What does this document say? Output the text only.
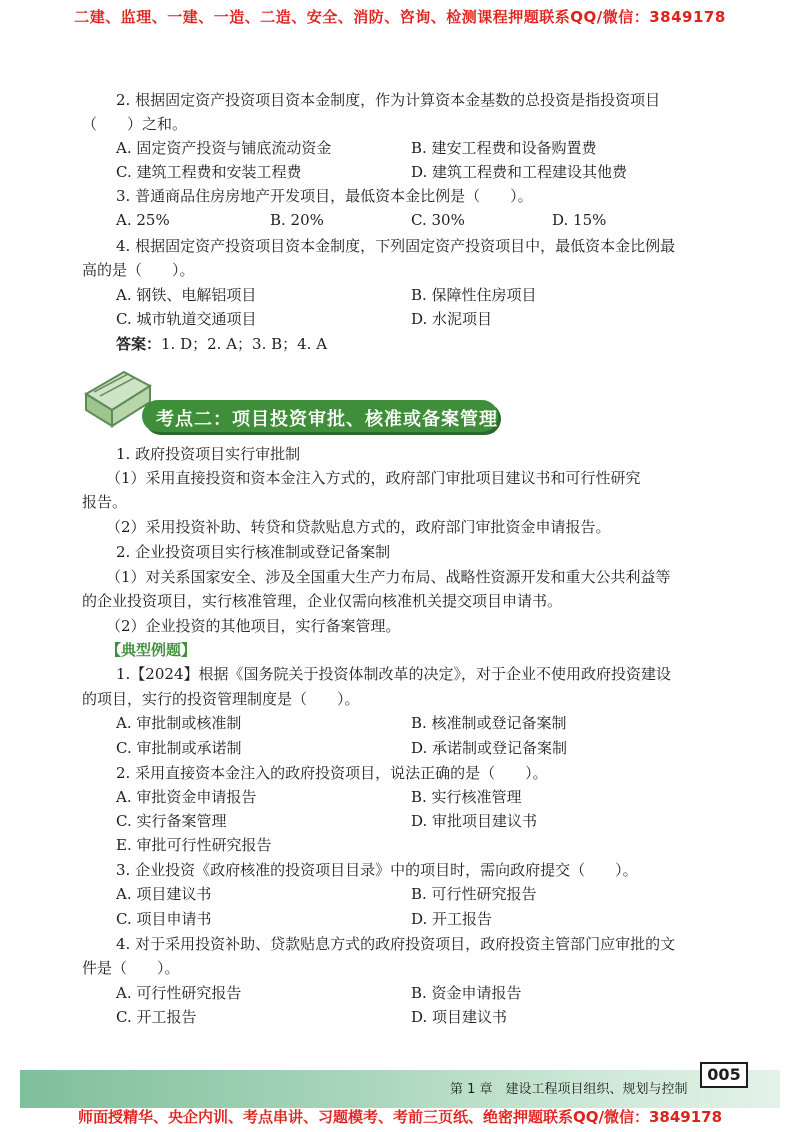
二建、监理、一建、一造、二造、安全、消防、咨询、检测课程押题联系QQ/微信：3849178
2. 根据固定资产投资项目资本金制度，作为计算资本金基数的总投资是指投资项目
（　　）之和。
A. 固定资产投资与铺底流动资金	B. 建安工程费和设备购置费
C. 建筑工程费和安装工程费	D. 建筑工程费和工程建设其他费
3. 普通商品住房房地产开发项目，最低资本金比例是（　　）。
A. 25%	B. 20%	C. 30%	D. 15%
4. 根据固定资产投资项目资本金制度，下列固定资产投资项目中，最低资本金比例最
高的是（　　）。
A. 钢铁、电解铝项目	B. 保障性住房项目
C. 城市轨道交通项目	D. 水泥项目
答案：1. D；2. A；3. B；4. A
考点二：项目投资审批、核准或备案管理
1. 政府投资项目实行审批制
（1）采用直接投资和资本金注入方式的，政府部门审批项目建议书和可行性研究
报告。
（2）采用投资补助、转贷和贷款贴息方式的，政府部门审批资金申请报告。
2. 企业投资项目实行核准制或登记备案制
（1）对关系国家安全、涉及全国重大生产力布局、战略性资源开发和重大公共利益等
的企业投资项目，实行核准管理，企业仅需向核准机关提交项目申请书。
（2）企业投资的其他项目，实行备案管理。
【典型例题】
1.【2024】根据《国务院关于投资体制改革的决定》，对于企业不使用政府投资建设
的项目，实行的投资管理制度是（　　）。
A. 审批制或核准制	B. 核准制或登记备案制
C. 审批制或承诺制	D. 承诺制或登记备案制
2. 采用直接资本金注入的政府投资项目，说法正确的是（　　）。
A. 审批资金申请报告	B. 实行核准管理
C. 实行备案管理	D. 审批项目建议书
E. 审批可行性研究报告
3. 企业投资《政府核准的投资项目目录》中的项目时，需向政府提交（　　）。
A. 项目建议书	B. 可行性研究报告
C. 项目申请书	D. 开工报告
4. 对于采用投资补助、贷款贴息方式的政府投资项目，政府投资主管部门应审批的文
件是（　　）。
A. 可行性研究报告	B. 资金申请报告
C. 开工报告	D. 项目建议书
第 1 章　建设工程项目组织、规划与控制
005
师面授精华、央企内训、考点串讲、习题模考、考前三页纸、绝密押题联系QQ/微信：3849178
